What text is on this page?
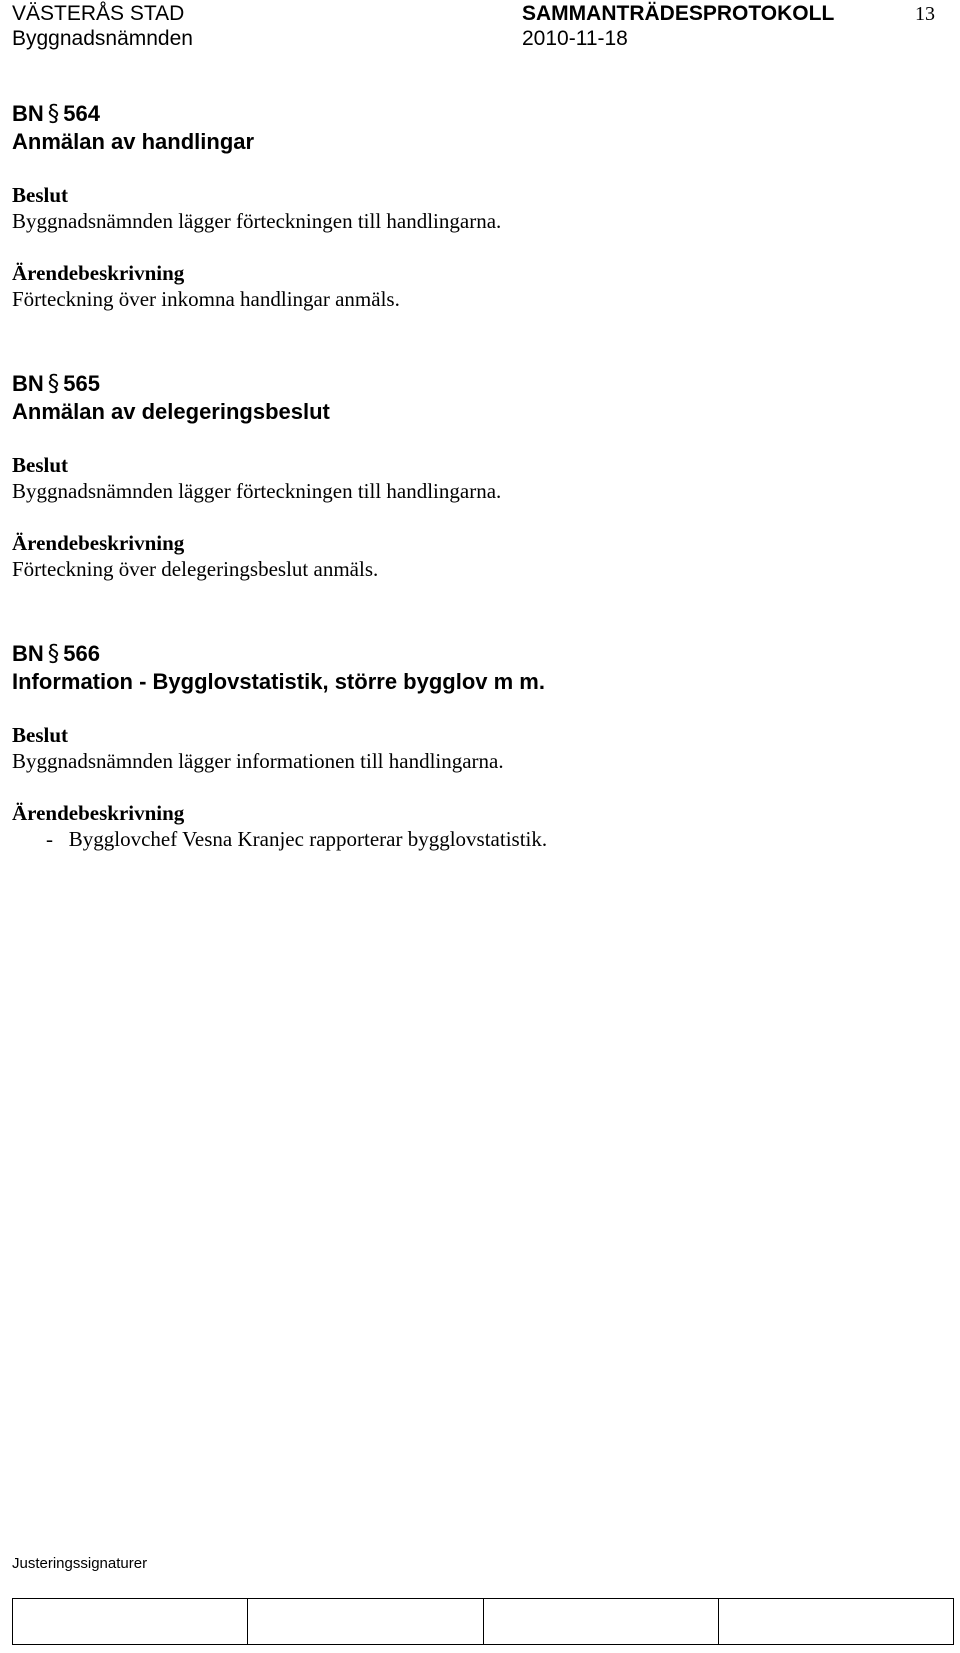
VÄSTERÅS STAD
Byggnadsnämnden
SAMMANTRÄDESPROTOKOLL
2010-11-18
13
BN § 564
Anmälan av handlingar
Beslut
Byggnadsnämnden lägger förteckningen till handlingarna.
Ärendebeskrivning
Förteckning över inkomna handlingar anmäls.
BN § 565
Anmälan av delegeringsbeslut
Beslut
Byggnadsnämnden lägger förteckningen till handlingarna.
Ärendebeskrivning
Förteckning över delegeringsbeslut anmäls.
BN § 566
Information - Bygglovstatistik, större bygglov m m.
Beslut
Byggnadsnämnden lägger informationen till handlingarna.
Ärendebeskrivning
-   Bygglovchef Vesna Kranjec rapporterar bygglovstatistik.
Justeringssignaturer
